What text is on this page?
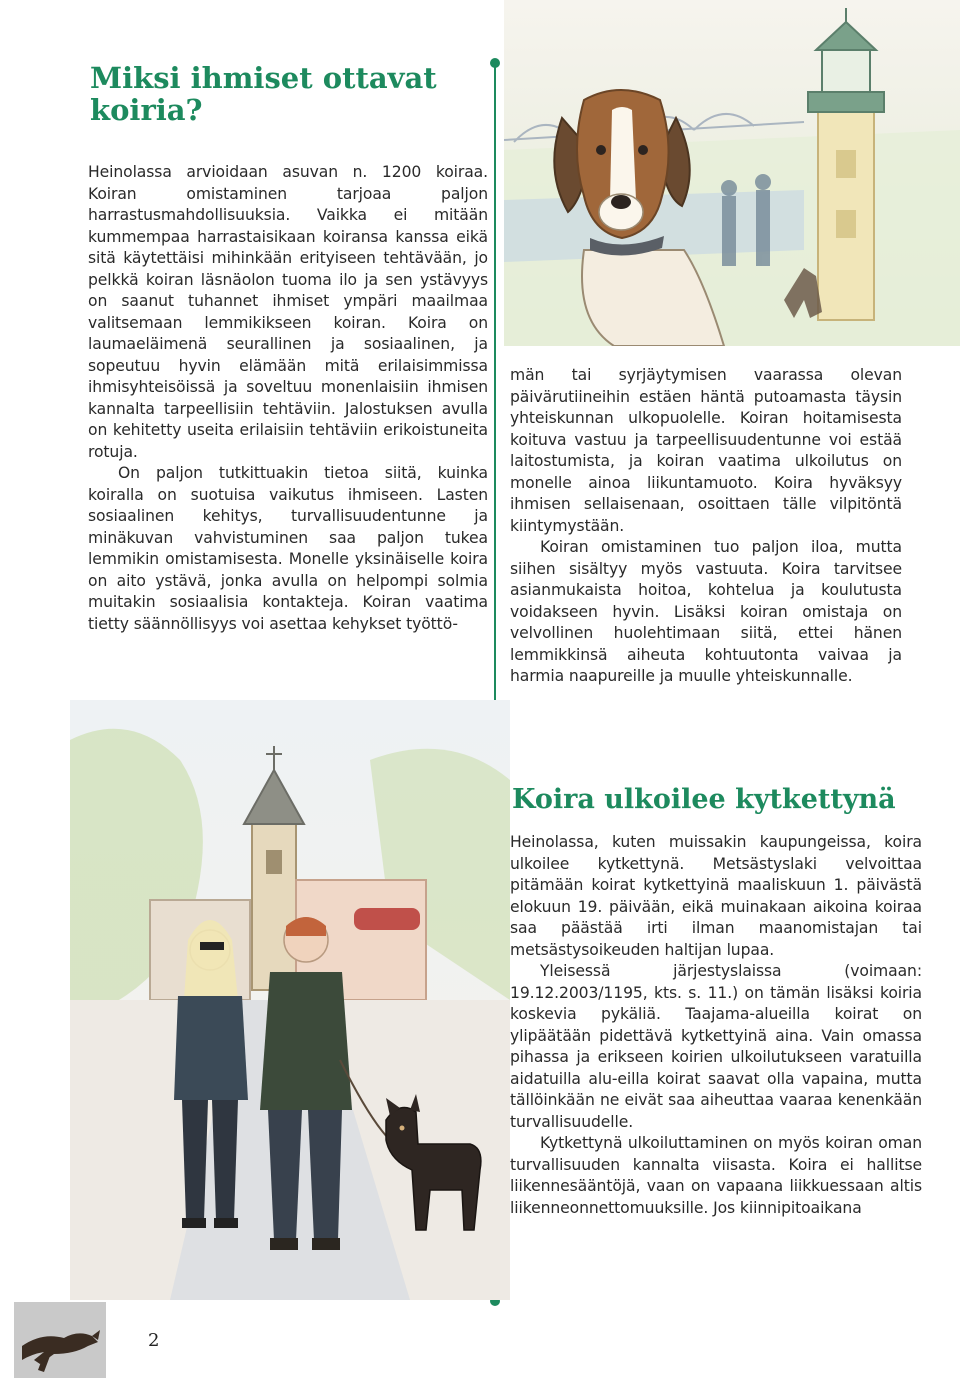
Miksi ihmiset ottavat koiria?

Heinolassa arvioidaan asuvan n. 1200 koiraa. Koiran omistaminen tarjoaa paljon harrastusmahdollisuuksia. Vaikka ei mitään kummempaa harrastaisikaan koiransa kanssa eikä sitä käytettäisi mihinkään erityiseen tehtävään, jo pelkkä koiran läsnäolon tuoma ilo ja sen ystävyys on saanut tuhannet ihmiset ympäri maailmaa valitsemaan lemmikikseen koiran. Koira on laumaeläimenä seurallinen ja sosiaalinen, ja sopeutuu hyvin elämään mitä erilaisimmissa ihmisyhteisöissä ja soveltuu monenlaisiin ihmisen kannalta tarpeellisiin tehtäviin. Jalostuksen avulla on kehitetty useita erilaisiin tehtäviin erikoistuneita rotuja.

On paljon tutkittuakin tietoa siitä, kuinka koiralla on suotuisa vaikutus ihmiseen. Lasten sosiaalinen kehitys, turvallisuudentunne ja minäkuvan vahvistuminen saa paljon tukea lemmikin omistamisesta. Monelle yksinäiselle koira on aito ystävä, jonka avulla on helpompi solmia muitakin sosiaalisia kontakteja. Koiran vaatima tietty säännöllisyys voi asettaa kehykset työttö-

män tai syrjäytymisen vaarassa olevan päivärutiineihin estäen häntä putoamasta täysin yhteiskunnan ulkopuolelle. Koiran hoitamisesta koituva vastuu ja tarpeellisuudentunne voi estää laitostumista, ja koiran vaatima ulkoilutus on monelle ainoa liikuntamuoto. Koira hyväksyy ihmisen sellaisenaan, osoittaen tälle vilpitöntä kiintymystään.

Koiran omistaminen tuo paljon iloa, mutta siihen sisältyy myös vastuuta. Koira tarvitsee asianmukaista hoitoa, kohtelua ja koulutusta voidakseen hyvin. Lisäksi koiran omistaja on velvollinen huolehtimaan siitä, ettei hänen lemmikkinsä aiheuta kohtuutonta vaivaa ja harmia naapureille ja muulle yhteiskunnalle.

Koira ulkoilee kytkettynä

Heinolassa, kuten muissakin kaupungeissa, koira ulkoilee kytkettynä. Metsästyslaki velvoittaa pitämään koirat kytkettyinä maaliskuun 1. päivästä elokuun 19. päivään, eikä muinakaan aikoina koiraa saa päästää irti ilman maanomistajan tai metsästysoikeuden haltijan lupaa.

Yleisessä järjestyslaissa (voimaan: 19.12.2003/1195, kts. s. 11.) on tämän lisäksi koiria koskevia pykäliä. Taajama-alueilla koirat on ylipäätään pidettävä kytkettyinä aina. Vain omassa pihassa ja erikseen koirien ulkoilutukseen varatuilla aidatuilla alu-eilla koirat saavat olla vapaina, mutta tällöinkään ne eivät saa aiheuttaa vaaraa kenenkään turvallisuudelle.

Kytkettynä ulkoiluttaminen on myös koiran oman turvallisuuden kannalta viisasta. Koira ei hallitse liikennesääntöjä, vaan on vapaana liikkuessaan altis liikenneonnettomuuksille. Jos kiinnipitoaikana

2
